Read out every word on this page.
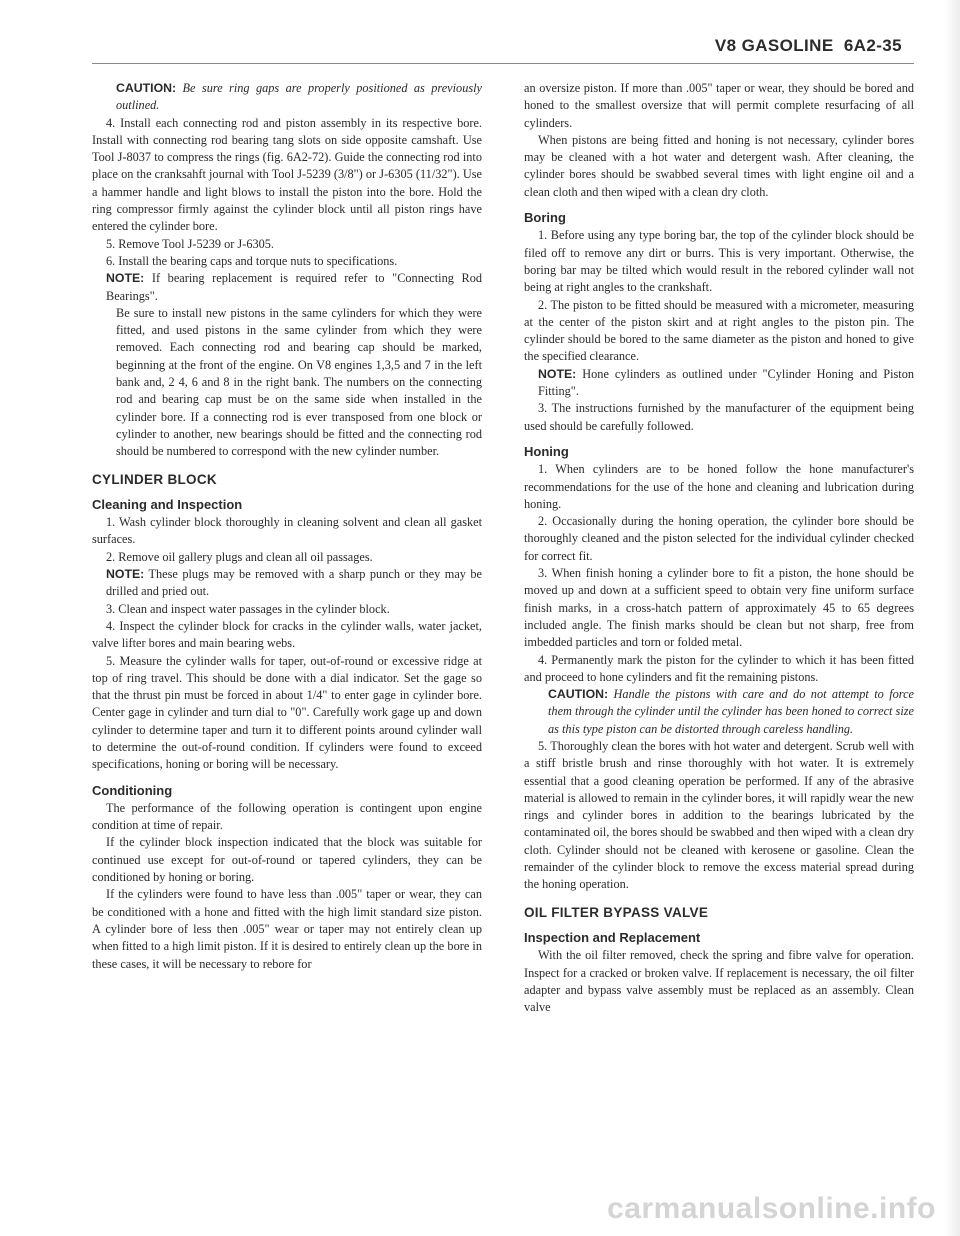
V8 GASOLINE 6A2-35

CAUTION: Be sure ring gaps are properly positioned as previously outlined.

4. Install each connecting rod and piston assembly in its respective bore. Install with connecting rod bearing tang slots on side opposite camshaft. Use Tool J-8037 to compress the rings (fig. 6A2-72). Guide the connecting rod into place on the cranksahft journal with Tool J-5239 (3/8") or J-6305 (11/32"). Use a hammer handle and light blows to install the piston into the bore. Hold the ring compressor firmly against the cylinder block until all piston rings have entered the cylinder bore.

5. Remove Tool J-5239 or J-6305.

6. Install the bearing caps and torque nuts to specifications.

NOTE: If bearing replacement is required refer to "Connecting Rod Bearings".

Be sure to install new pistons in the same cylinders for which they were fitted, and used pistons in the same cylinder from which they were removed. Each connecting rod and bearing cap should be marked, beginning at the front of the engine. On V8 engines 1,3,5 and 7 in the left bank and, 2 4, 6 and 8 in the right bank. The numbers on the connecting rod and bearing cap must be on the same side when installed in the cylinder bore. If a connecting rod is ever transposed from one block or cylinder to another, new bearings should be fitted and the connecting rod should be numbered to correspond with the new cylinder number.

CYLINDER BLOCK
Cleaning and Inspection

1. Wash cylinder block thoroughly in cleaning solvent and clean all gasket surfaces.

2. Remove oil gallery plugs and clean all oil passages.

NOTE: These plugs may be removed with a sharp punch or they may be drilled and pried out.

3. Clean and inspect water passages in the cylinder block.

4. Inspect the cylinder block for cracks in the cylinder walls, water jacket, valve lifter bores and main bearing webs.

5. Measure the cylinder walls for taper, out-of-round or excessive ridge at top of ring travel. This should be done with a dial indicator. Set the gage so that the thrust pin must be forced in about 1/4" to enter gage in cylinder bore. Center gage in cylinder and turn dial to "0". Carefully work gage up and down cylinder to determine taper and turn it to different points around cylinder wall to determine the out-of-round condition. If cylinders were found to exceed specifications, honing or boring will be necessary.

Conditioning

The performance of the following operation is contingent upon engine condition at time of repair.

If the cylinder block inspection indicated that the block was suitable for continued use except for out-of-round or tapered cylinders, they can be conditioned by honing or boring.

If the cylinders were found to have less than .005" taper or wear, they can be conditioned with a hone and fitted with the high limit standard size piston. A cylinder bore of less then .005" wear or taper may not entirely clean up when fitted to a high limit piston. If it is desired to entirely clean up the bore in these cases, it will be necessary to rebore for

an oversize piston. If more than .005" taper or wear, they should be bored and honed to the smallest oversize that will permit complete resurfacing of all cylinders.

When pistons are being fitted and honing is not necessary, cylinder bores may be cleaned with a hot water and detergent wash. After cleaning, the cylinder bores should be swabbed several times with light engine oil and a clean cloth and then wiped with a clean dry cloth.

Boring

1. Before using any type boring bar, the top of the cylinder block should be filed off to remove any dirt or burrs. This is very important. Otherwise, the boring bar may be tilted which would result in the rebored cylinder wall not being at right angles to the crankshaft.

2. The piston to be fitted should be measured with a micrometer, measuring at the center of the piston skirt and at right angles to the piston pin. The cylinder should be bored to the same diameter as the piston and honed to give the specified clearance.

NOTE: Hone cylinders as outlined under "Cylinder Honing and Piston Fitting".

3. The instructions furnished by the manufacturer of the equipment being used should be carefully followed.

Honing

1. When cylinders are to be honed follow the hone manufacturer's recommendations for the use of the hone and cleaning and lubrication during honing.

2. Occasionally during the honing operation, the cylinder bore should be thoroughly cleaned and the piston selected for the individual cylinder checked for correct fit.

3. When finish honing a cylinder bore to fit a piston, the hone should be moved up and down at a sufficient speed to obtain very fine uniform surface finish marks, in a cross-hatch pattern of approximately 45 to 65 degrees included angle. The finish marks should be clean but not sharp, free from imbedded particles and torn or folded metal.

4. Permanently mark the piston for the cylinder to which it has been fitted and proceed to hone cylinders and fit the remaining pistons.

CAUTION: Handle the pistons with care and do not attempt to force them through the cylinder until the cylinder has been honed to correct size as this type piston can be distorted through careless handling.

5. Thoroughly clean the bores with hot water and detergent. Scrub well with a stiff bristle brush and rinse thoroughly with hot water. It is extremely essential that a good cleaning operation be performed. If any of the abrasive material is allowed to remain in the cylinder bores, it will rapidly wear the new rings and cylinder bores in addition to the bearings lubricated by the contaminated oil, the bores should be swabbed and then wiped with a clean dry cloth. Cylinder should not be cleaned with kerosene or gasoline. Clean the remainder of the cylinder block to remove the excess material spread during the honing operation.

OIL FILTER BYPASS VALVE
Inspection and Replacement

With the oil filter removed, check the spring and fibre valve for operation. Inspect for a cracked or broken valve. If replacement is necessary, the oil filter adapter and bypass valve assembly must be replaced as an assembly. Clean valve

carmanualsonline.info
